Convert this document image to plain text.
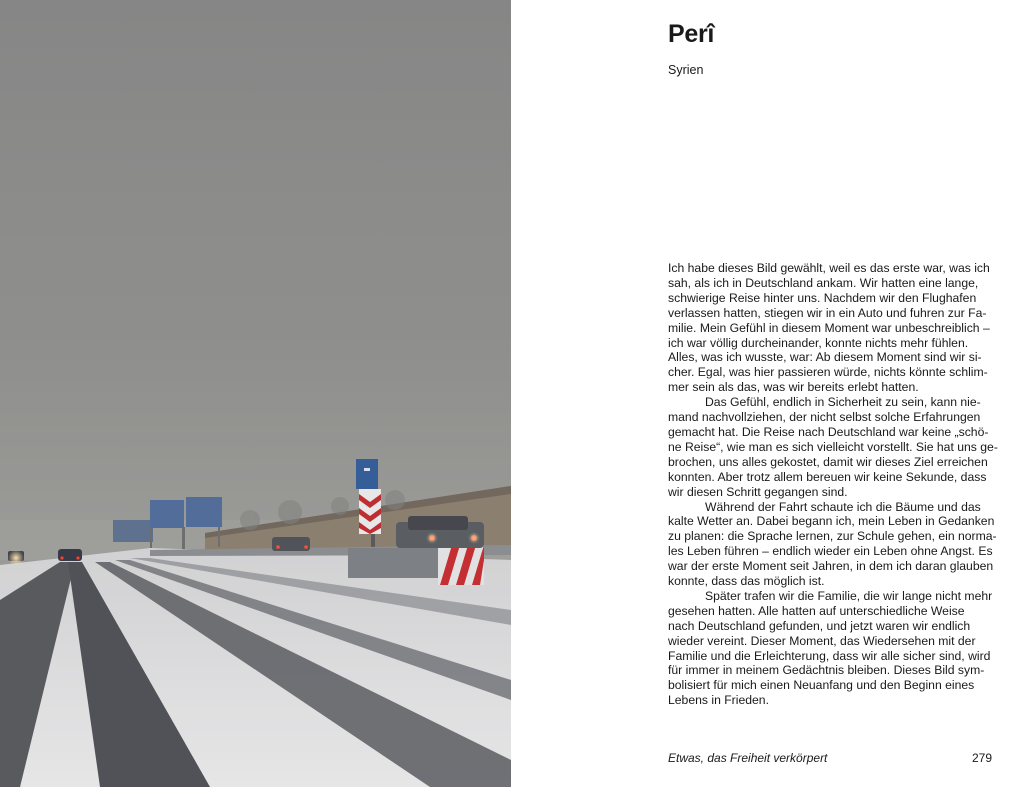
Perî

Syrien

Ich habe dieses Bild gewählt, weil es das erste war, was ich
sah, als ich in Deutschland ankam. Wir hatten eine lange,
schwierige Reise hinter uns. Nachdem wir den Flughafen
verlassen hatten, stiegen wir in ein Auto und fuhren zur Fa-
milie. Mein Gefühl in diesem Moment war unbeschreiblich –
ich war völlig durcheinander, konnte nichts mehr fühlen.
Alles, was ich wusste, war: Ab diesem Moment sind wir si-
cher. Egal, was hier passieren würde, nichts könnte schlim-
mer sein als das, was wir bereits erlebt hatten.
Das Gefühl, endlich in Sicherheit zu sein, kann nie-
mand nachvollziehen, der nicht selbst solche Erfahrungen
gemacht hat. Die Reise nach Deutschland war keine „schö-
ne Reise“, wie man es sich vielleicht vorstellt. Sie hat uns ge-
brochen, uns alles gekostet, damit wir dieses Ziel erreichen
konnten. Aber trotz allem bereuen wir keine Sekunde, dass
wir diesen Schritt gegangen sind.
Während der Fahrt schaute ich die Bäume und das
kalte Wetter an. Dabei begann ich, mein Leben in Gedanken
zu planen: die Sprache lernen, zur Schule gehen, ein norma-
les Leben führen – endlich wieder ein Leben ohne Angst. Es
war der erste Moment seit Jahren, in dem ich daran glauben
konnte, dass das möglich ist.
Später trafen wir die Familie, die wir lange nicht mehr
gesehen hatten. Alle hatten auf unterschiedliche Weise
nach Deutschland gefunden, und jetzt waren wir endlich
wieder vereint. Dieser Moment, das Wiedersehen mit der
Familie und die Erleichterung, dass wir alle sicher sind, wird
für immer in meinem Gedächtnis bleiben. Dieses Bild sym-
bolisiert für mich einen Neuanfang und den Beginn eines
Lebens in Frieden.
Etwas, das Freiheit verkörpert	279
